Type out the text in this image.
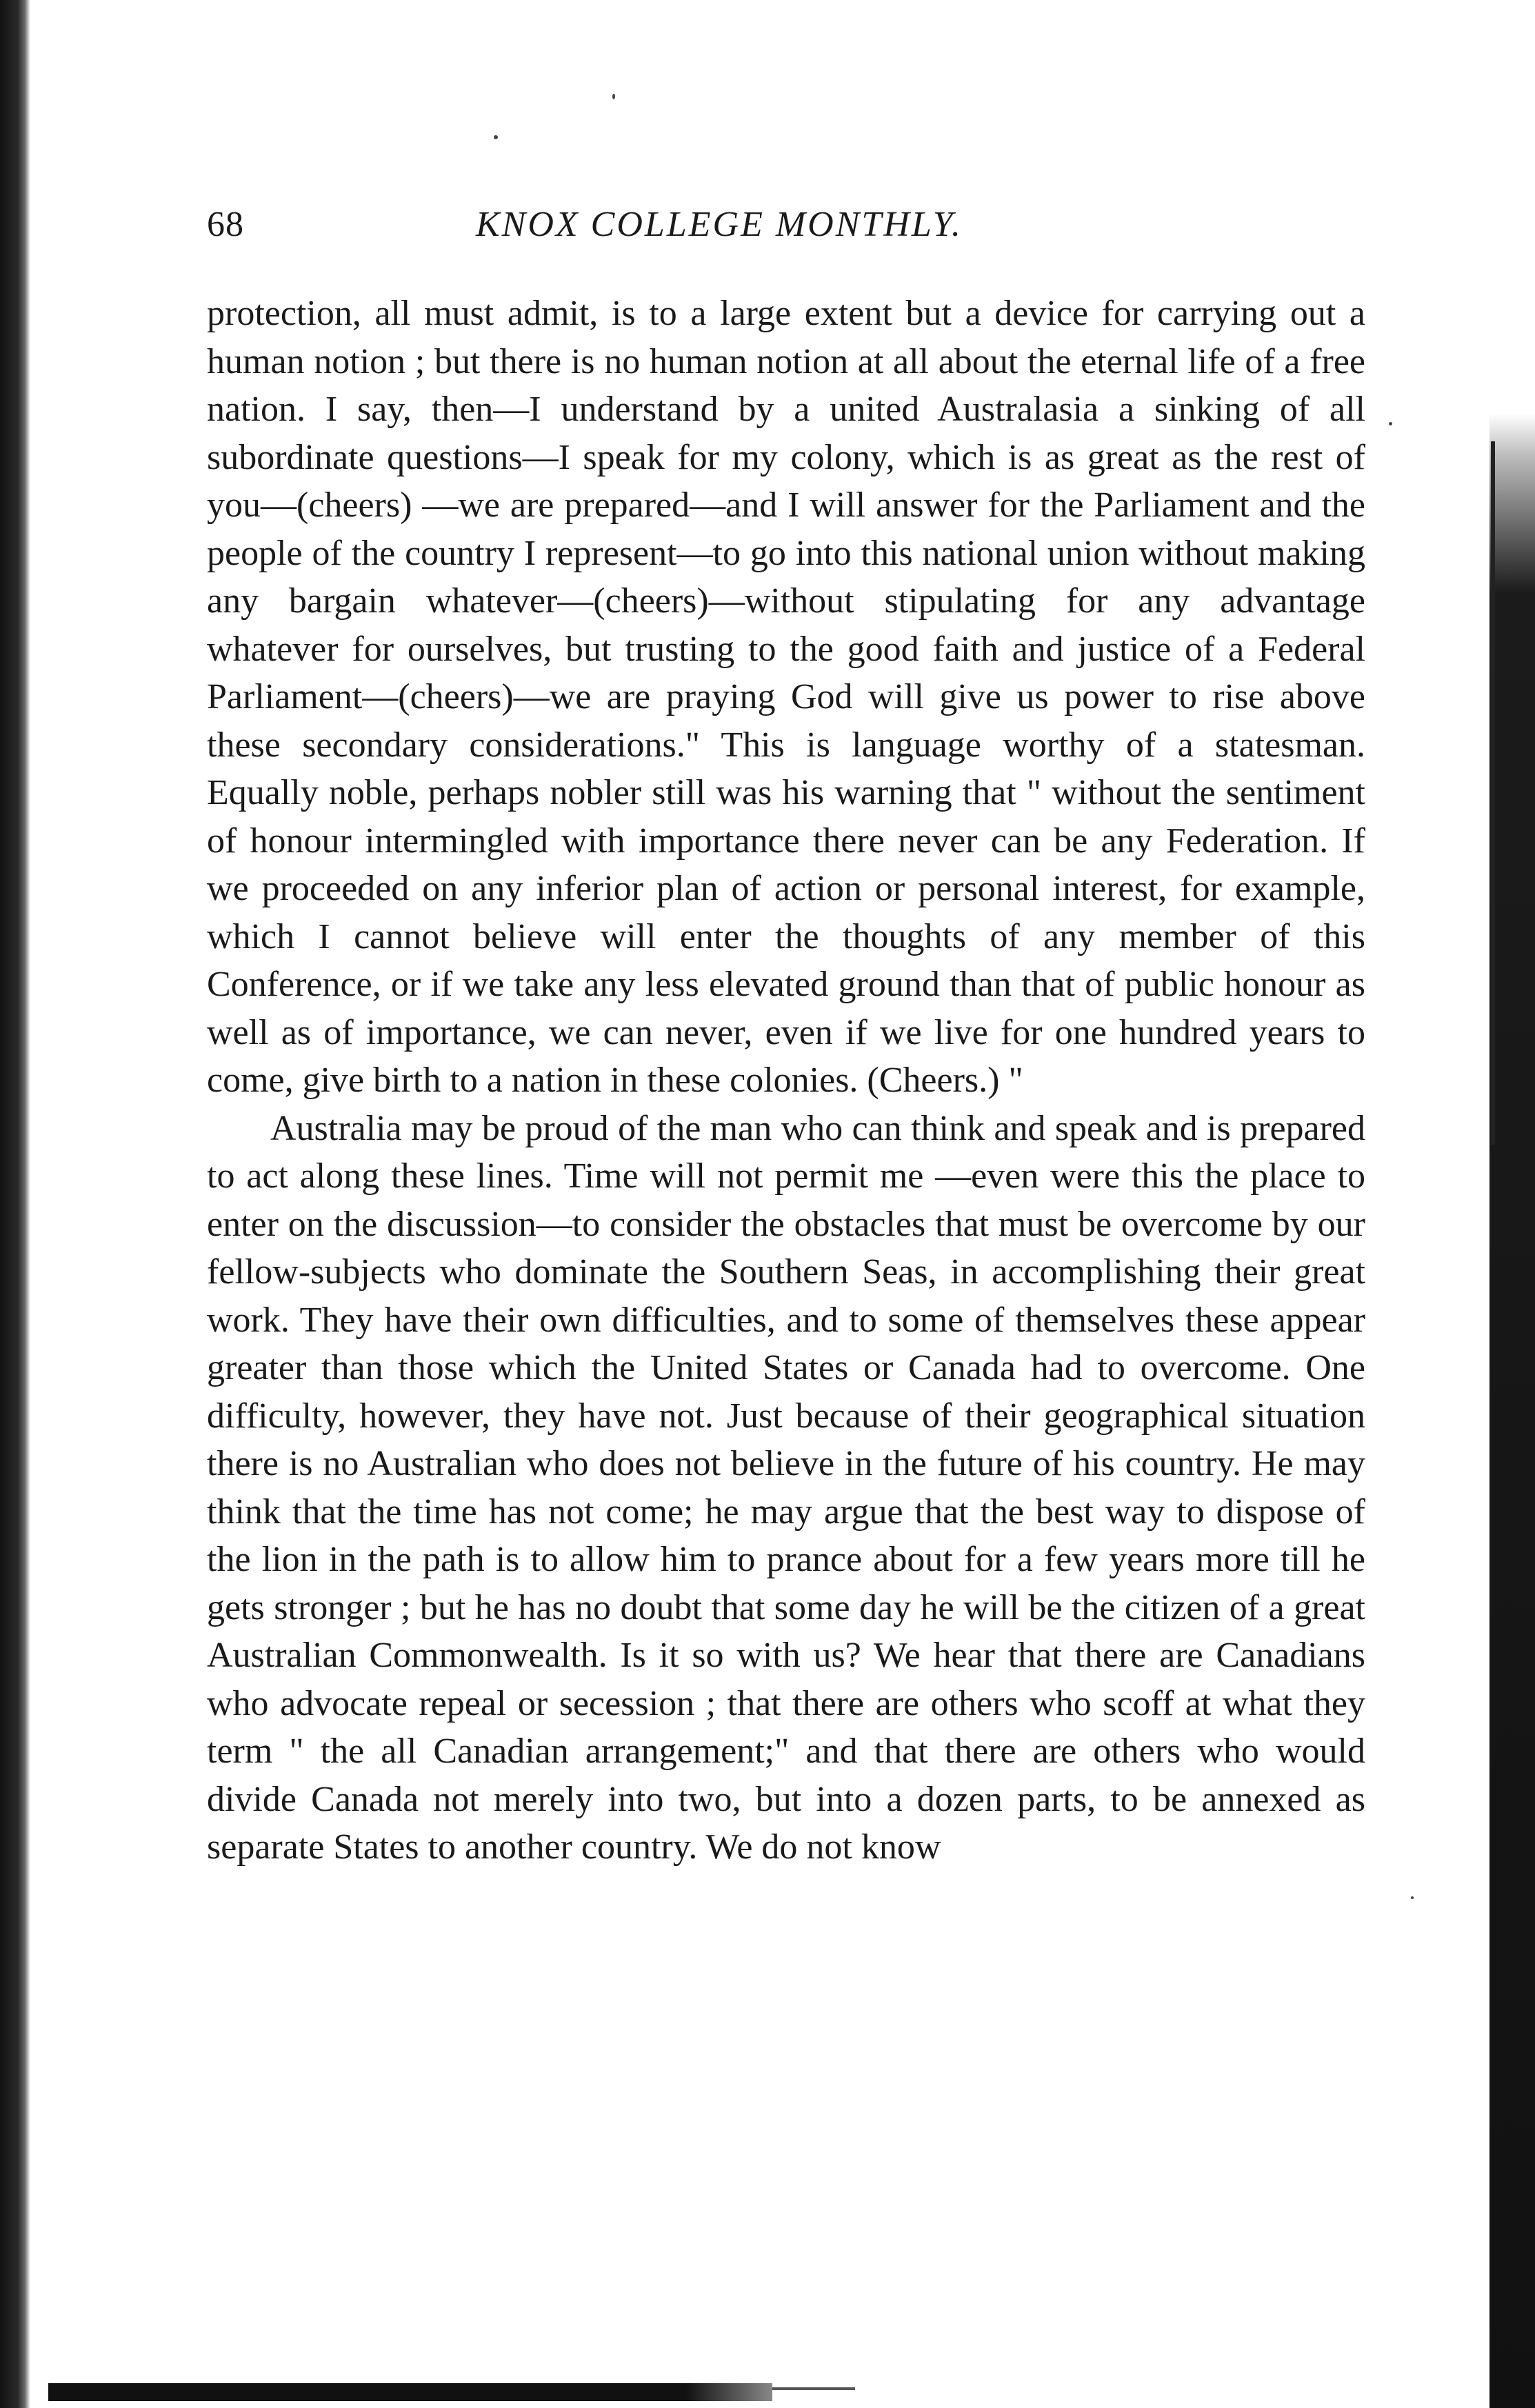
68	KNOX COLLEGE MONTHLY.

protection, all must admit, is to a large extent but a device for carrying out a human notion ; but there is no human notion at all about the eternal life of a free nation. I say, then—I understand by a united Australasia a sinking of all subordinate questions—I speak for my colony, which is as great as the rest of you—(cheers) —we are prepared—and I will answer for the Parliament and the people of the country I represent—to go into this national union without making any bargain whatever—(cheers)—without stipulating for any advantage whatever for ourselves, but trusting to the good faith and justice of a Federal Parliament—(cheers)—we are praying God will give us power to rise above these secondary considerations." This is language worthy of a statesman. Equally noble, perhaps nobler still was his warning that " without the sentiment of honour intermingled with importance there never can be any Federation. If we proceeded on any inferior plan of action or personal interest, for example, which I cannot believe will enter the thoughts of any member of this Conference, or if we take any less elevated ground than that of public honour as well as of importance, we can never, even if we live for one hundred years to come, give birth to a nation in these colonies. (Cheers.) "

Australia may be proud of the man who can think and speak and is prepared to act along these lines. Time will not permit me —even were this the place to enter on the discussion—to consider the obstacles that must be overcome by our fellow-subjects who dominate the Southern Seas, in accomplishing their great work. They have their own difficulties, and to some of themselves these appear greater than those which the United States or Canada had to overcome. One difficulty, however, they have not. Just because of their geographical situation there is no Australian who does not believe in the future of his country. He may think that the time has not come; he may argue that the best way to dispose of the lion in the path is to allow him to prance about for a few years more till he gets stronger ; but he has no doubt that some day he will be the citizen of a great Australian Commonwealth. Is it so with us? We hear that there are Canadians who advocate repeal or secession ; that there are others who scoff at what they term " the all Canadian arrangement;" and that there are others who would divide Canada not merely into two, but into a dozen parts, to be annexed as separate States to another country. We do not know
